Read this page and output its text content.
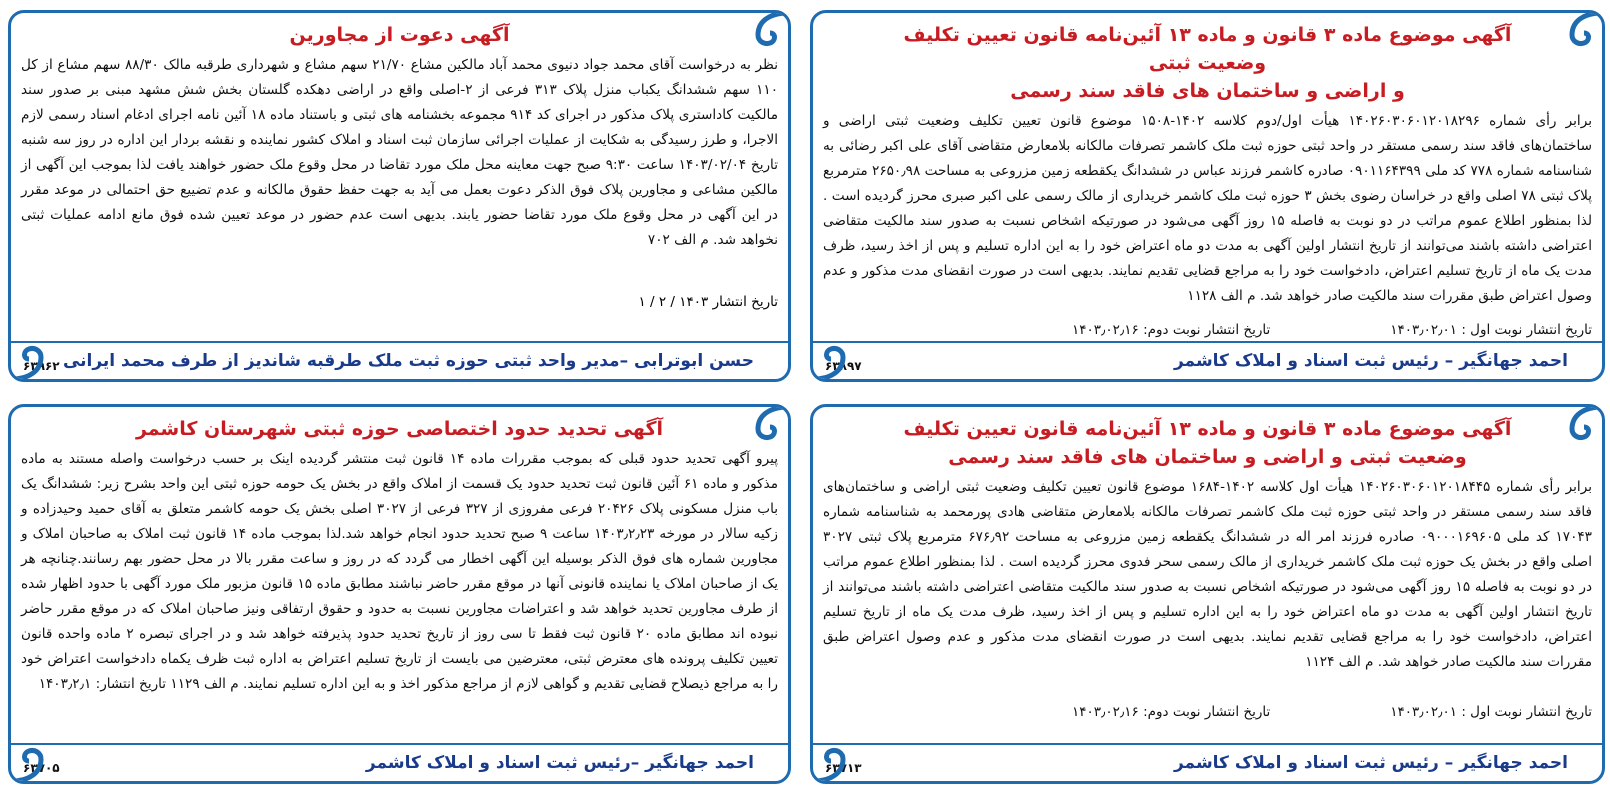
آگهی دعوت از مجاورین

نظر به درخواست آقای محمد جواد دنیوی محمد آباد مالکین مشاع ۲۱/۷۰ سهم مشاع و شهرداری طرقبه مالک ۸۸/۳۰ سهم مشاع از کل ۱۱۰ سهم ششدانگ یکباب منزل پلاک ۳۱۳ فرعی از ۲-اصلی واقع در اراضی دهکده گلستان بخش شش مشهد مبنی بر صدور سند مالکیت کاداستری پلاک مذکور در اجرای کد ۹۱۴ مجموعه بخشنامه های ثبتی و باستناد ماده ۱۸ آئین نامه اجرای ادغام اسناد رسمی لازم الاجرا، و طرز رسیدگی به شکایت از عملیات اجرائی سازمان ثبت اسناد و املاک کشور نماینده و نقشه بردار این اداره در روز سه شنبه تاریخ ۱۴۰۳/۰۲/۰۴ ساعت ۹:۳۰ صبح جهت معاینه محل ملک مورد تقاضا در محل وقوع ملک حضور خواهند یافت لذا بموجب این آگهی از مالکین مشاعی و مجاورین پلاک فوق الذکر دعوت بعمل می آید به جهت حفظ حقوق مالکانه و عدم تضییع حق احتمالی در موعد مقرر در این آگهی در محل وقوع ملک مورد تقاضا حضور یابند. بدیهی است عدم حضور در موعد تعیین شده فوق مانع ادامه عملیات ثبتی نخواهد شد. م الف ۷۰۲

تاریخ انتشار ۱۴۰۳ / ۲ / ۱
حسن ابوترابی –مدیر واحد ثبتی حوزه ثبت ملک طرقبه شاندیز از طرف محمد ایرانی
۶۳۹۶۲
آگهی موضوع ماده ۳ قانون و ماده ۱۳ آئین‌نامه قانون تعیین تکلیف وضعیت ثبتی
و اراضی و ساختمان های فاقد سند رسمی

برابر رأی شماره ۱۴۰۲۶۰۳۰۶۰۱۲۰۱۸۲۹۶ هیأت اول/دوم کلاسه ۱۴۰۲-۱۵۰۸ موضوع قانون تعیین تکلیف وضعیت ثبتی اراضی و ساختمان‌های فاقد سند رسمی مستقر در واحد ثبتی حوزه ثبت ملک کاشمر تصرفات مالکانه بلامعارض متقاضی آقای علی اکبر رضائی به شناسنامه شماره ۷۷۸ کد ملی ۰۹۰۱۱۶۴۳۹۹ صادره کاشمر فرزند عباس در ششدانگ یکقطعه زمین مزروعی به مساحت ۲۶۵۰٫۹۸ مترمربع پلاک ثبتی ۷۸ اصلی واقع در خراسان رضوی بخش ۳ حوزه ثبت ملک کاشمر خریداری از مالک رسمی علی اکبر صبری محرز گردیده است . لذا بمنظور اطلاع عموم مراتب در دو نوبت به فاصله ۱۵ روز آگهی می‌شود در صورتیکه اشخاص نسبت به صدور سند مالکیت متقاضی اعتراضی داشته باشند می‌توانند از تاریخ انتشار اولین آگهی به مدت دو ماه اعتراض خود را به این اداره تسلیم و پس از اخذ رسید، ظرف مدت یک ماه از تاریخ تسلیم اعتراض، دادخواست خود را به مراجع قضایی تقدیم نمایند. بدیهی است در صورت انقضای مدت مذکور و عدم وصول اعتراض طبق مقررات سند مالکیت صادر خواهد شد. م الف ۱۱۲۸

تاریخ انتشار نوبت اول : ۱۴۰۳٫۰۲٫۰۱
تاریخ انتشار نوبت دوم: ۱۴۰۳٫۰۲٫۱۶
احمد جهانگیر – رئیس ثبت اسناد و املاک کاشمر
۶۳۸۹۷
آگهی تحدید حدود اختصاصی حوزه ثبتی شهرستان کاشمر

پیرو آگهی تحدید حدود قبلی که بموجب مقررات ماده ۱۴ قانون ثبت منتشر گردیده اینک بر حسب درخواست واصله مستند به ماده مذکور و ماده ۶۱ آئین قانون ثبت تحدید حدود یک قسمت از املاک واقع در بخش یک حومه حوزه ثبتی این واحد بشرح زیر: ششدانگ یک باب منزل مسکونی پلاک ۲۰۴۲۶ فرعی مفروزی از ۳۲۷ فرعی از ۳۰۲۷ اصلی بخش یک حومه کاشمر متعلق به آقای حمید وحیدزاده و زکیه سالار در مورخه ۱۴۰۳٫۲٫۲۳ ساعت ۹ صبح تحدید حدود انجام خواهد شد.لذا بموجب ماده ۱۴ قانون ثبت املاک به صاحبان املاک و مجاورین شماره های فوق الذکر بوسیله این آگهی اخطار می گردد که در روز و ساعت مقرر بالا در محل حضور بهم رسانند.چنانچه هر یک از صاحبان املاک یا نماینده قانونی آنها در موقع مقرر حاضر نباشند مطابق ماده ۱۵ قانون مزبور ملک مورد آگهی با حدود اظهار شده از طرف مجاورین تحدید خواهد شد و اعتراضات مجاورین نسبت به حدود و حقوق ارتفاقی ونیز صاحبان املاک که در موقع مقرر حاضر نبوده اند مطابق ماده ۲۰ قانون ثبت فقط تا سی روز از تاریخ تحدید حدود پذیرفته خواهد شد و در اجرای تبصره ۲ ماده واحده قانون تعیین تکلیف پرونده های معترض ثبتی، معترضین می بایست از تاریخ تسلیم اعتراض به اداره ثبت ظرف یکماه دادخواست اعتراض خود را به مراجع ذیصلاح قضایی تقدیم و گواهی لازم از مراجع مذکور اخذ و به این اداره تسلیم نمایند. م الف ۱۱۲۹ تاریخ انتشار: ۱۴۰۳٫۲٫۱

احمد جهانگیر –رئیس ثبت اسناد و املاک کاشمر
۶۳۷۰۵
آگهی موضوع ماده ۳ قانون و ماده ۱۳ آئین‌نامه قانون تعیین تکلیف
وضعیت ثبتی و اراضی و ساختمان های فاقد سند رسمی

برابر رأی شماره ۱۴۰۲۶۰۳۰۶۰۱۲۰۱۸۴۴۵ هیأت اول کلاسه ۱۴۰۲-۱۶۸۴ موضوع قانون تعیین تکلیف وضعیت ثبتی اراضی و ساختمان‌های فاقد سند رسمی مستقر در واحد ثبتی حوزه ثبت ملک کاشمر تصرفات مالکانه بلامعارض متقاضی هادی پورمحمد به شناسنامه شماره ۱۷۰۴۳ کد ملی ۰۹۰۰۰۱۶۹۶۰۵ صادره فرزند امر اله در ششدانگ یکقطعه زمین مزروعی به مساحت ۶۷۶٫۹۲ مترمربع پلاک ثبتی ۳۰۲۷ اصلی واقع در بخش یک حوزه ثبت ملک کاشمر خریداری از مالک رسمی سحر فدوی محرز گردیده است . لذا بمنظور اطلاع عموم مراتب در دو نوبت به فاصله ۱۵ روز آگهی می‌شود در صورتیکه اشخاص نسبت به صدور سند مالکیت متقاضی اعتراضی داشته باشند می‌توانند از تاریخ انتشار اولین آگهی به مدت دو ماه اعتراض خود را به این اداره تسلیم و پس از اخذ رسید، ظرف مدت یک ماه از تاریخ تسلیم اعتراض، دادخواست خود را به مراجع قضایی تقدیم نمایند. بدیهی است در صورت انقضای مدت مذکور و عدم وصول اعتراض طبق مقررات سند مالکیت صادر خواهد شد. م الف ۱۱۲۴

تاریخ انتشار نوبت اول : ۱۴۰۳٫۰۲٫۰۱
تاریخ انتشار نوبت دوم: ۱۴۰۳٫۰۲٫۱۶
احمد جهانگیر – رئیس ثبت اسناد و املاک کاشمر
۶۳۷۱۳
